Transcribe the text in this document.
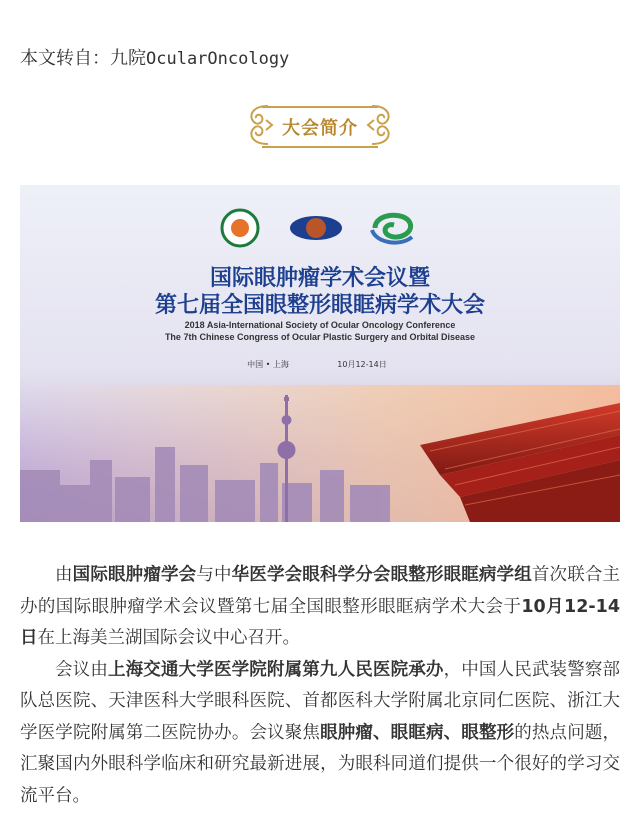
本文转自：九院OcularOncology
大会简介
国际眼肿瘤学术会议暨
第七届全国眼整形眼眶病学术大会
2018 Asia-International Society of Ocular Oncology Conference
The 7th Chinese Congress of Ocular Plastic Surgery and Orbital Disease
中国 • 上海	10月12-14日

由国际眼肿瘤学会与中华医学会眼科学分会眼整形眼眶病学组首次联合主办的国际眼肿瘤学术会议暨第七届全国眼整形眼眶病学术大会于10月12-14日在上海美兰湖国际会议中心召开。

会议由上海交通大学医学院附属第九人民医院承办，中国人民武装警察部队总医院、天津医科大学眼科医院、首都医科大学附属北京同仁医院、浙江大学医学院附属第二医院协办。会议聚焦眼肿瘤、眼眶病、眼整形的热点问题，汇聚国内外眼科学临床和研究最新进展，为眼科同道们提供一个很好的学习交流平台。
